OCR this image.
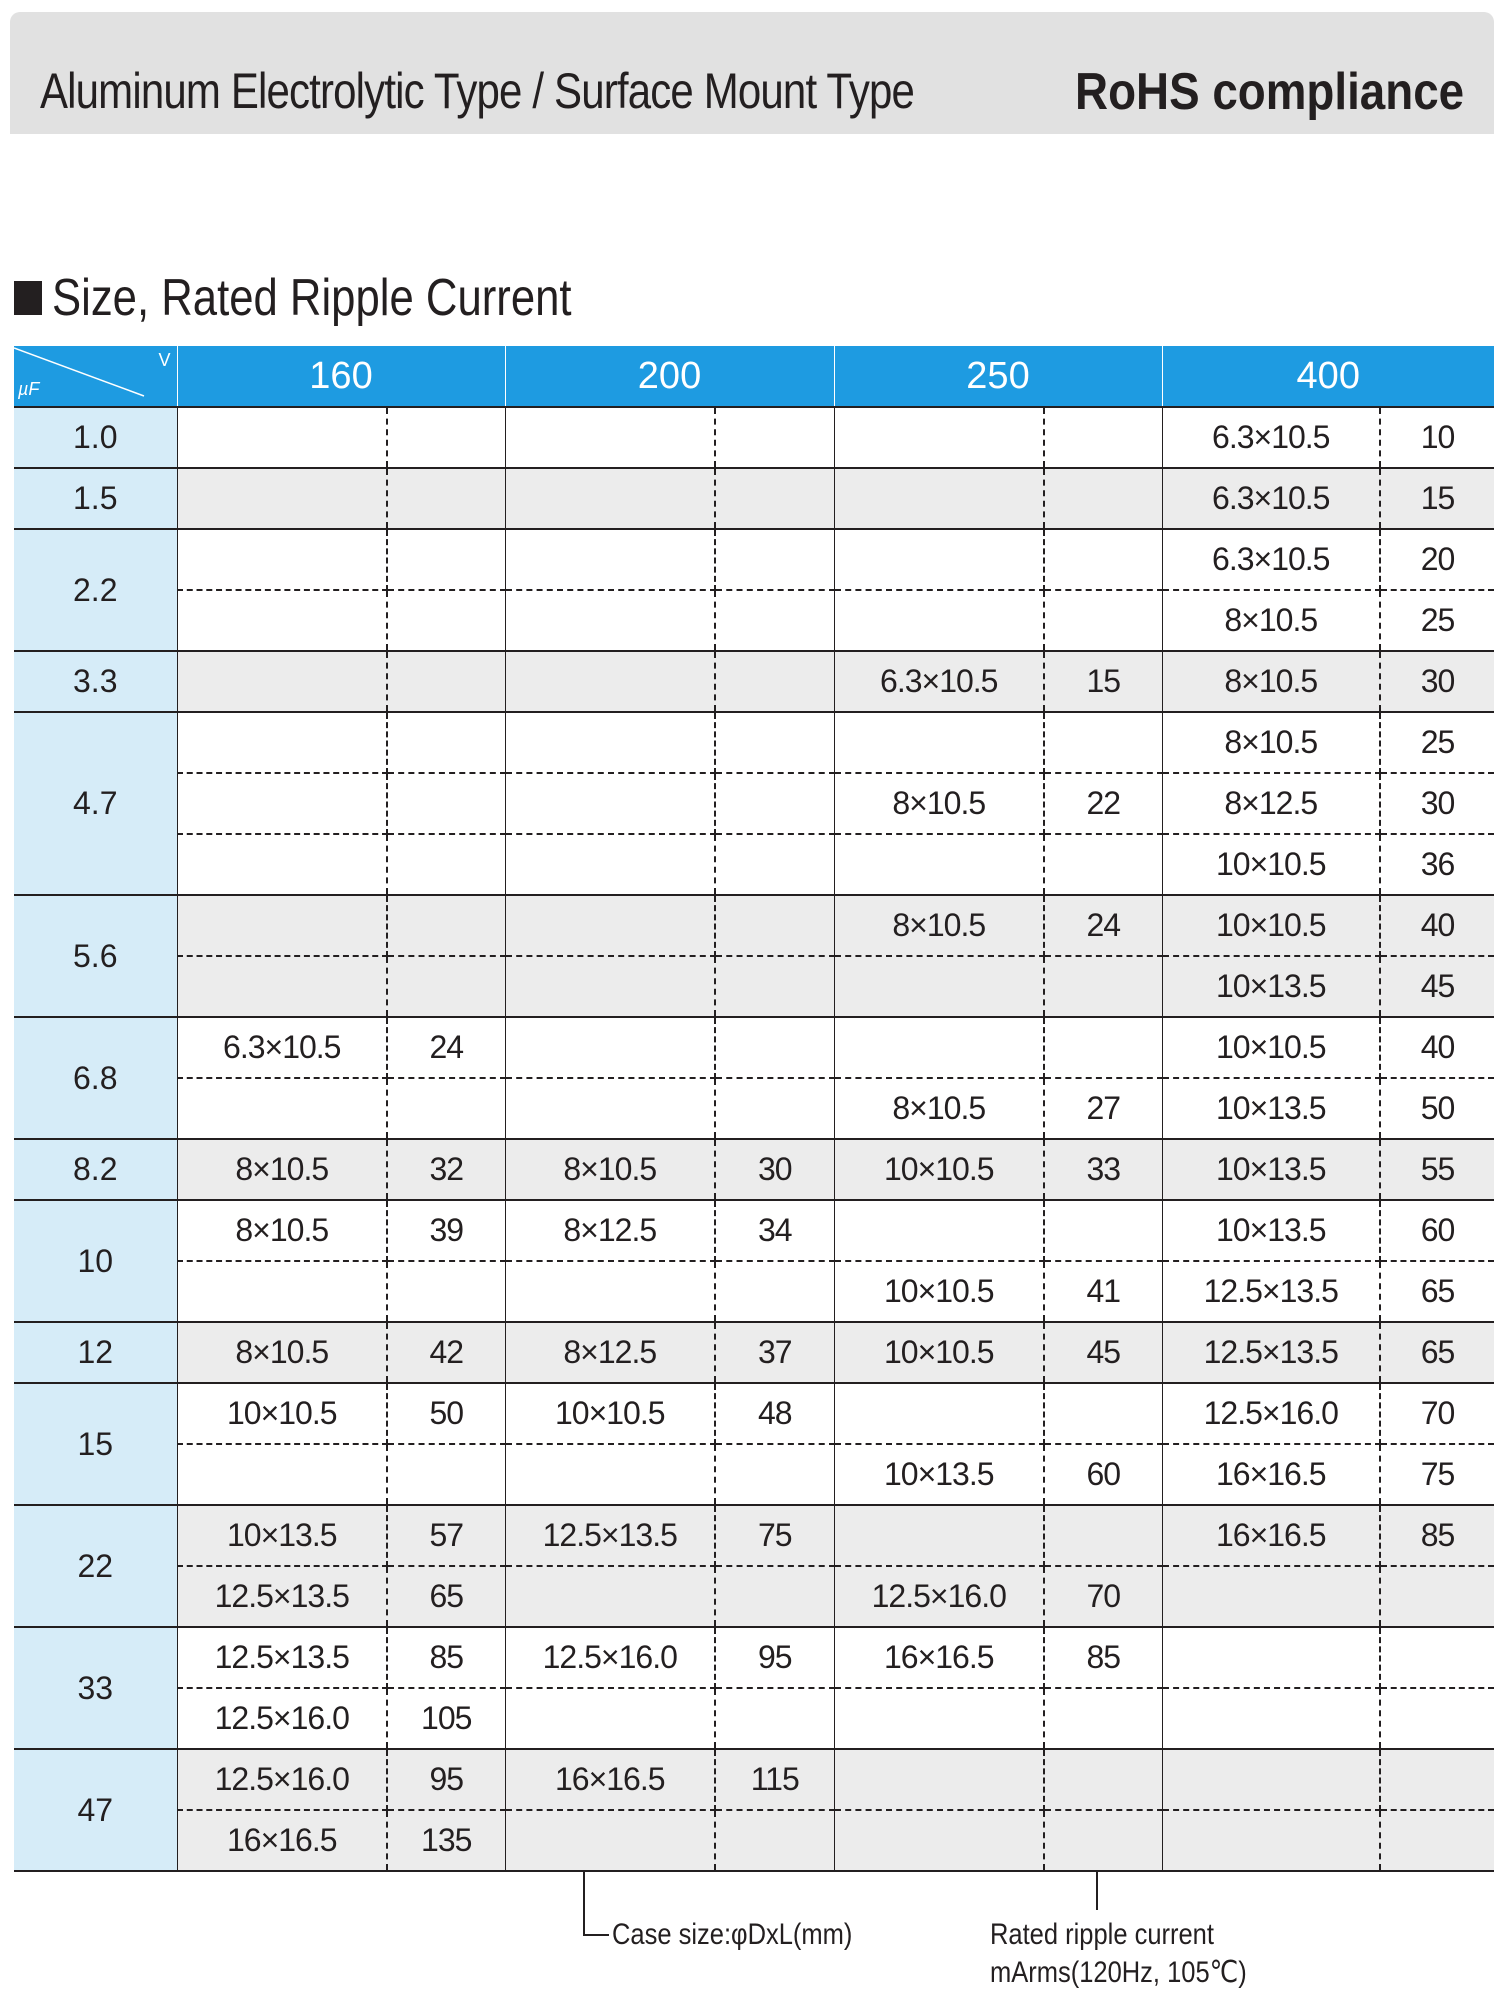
Aluminum Electrolytic Type / Surface Mount Type	RoHS compliance
Size, Rated Ripple Current
V
µF	160		200		250		400	
1.0							6.3×10.5	10
1.5							6.3×10.5	15
2.2							6.3×10.5	20
							8×10.5	25
3.3					6.3×10.5	15	8×10.5	30
4.7							8×10.5	25
					8×10.5	22	8×12.5	30
							10×10.5	36
5.6					8×10.5	24	10×10.5	40
							10×13.5	45
6.8	6.3×10.5	24					10×10.5	40
					8×10.5	27	10×13.5	50
8.2	8×10.5	32	8×10.5	30	10×10.5	33	10×13.5	55
10	8×10.5	39	8×12.5	34			10×13.5	60
					10×10.5	41	12.5×13.5	65
12	8×10.5	42	8×12.5	37	10×10.5	45	12.5×13.5	65
15	10×10.5	50	10×10.5	48			12.5×16.0	70
					10×13.5	60	16×16.5	75
22	10×13.5	57	12.5×13.5	75			16×16.5	85
	12.5×13.5	65			12.5×16.0	70		
33	12.5×13.5	85	12.5×16.0	95	16×16.5	85		
	12.5×16.0	105						
47	12.5×16.0	95	16×16.5	115				
	16×16.5	135						
Case size:φDxL(mm)	Rated ripple current
mArms(120Hz, 105℃)
